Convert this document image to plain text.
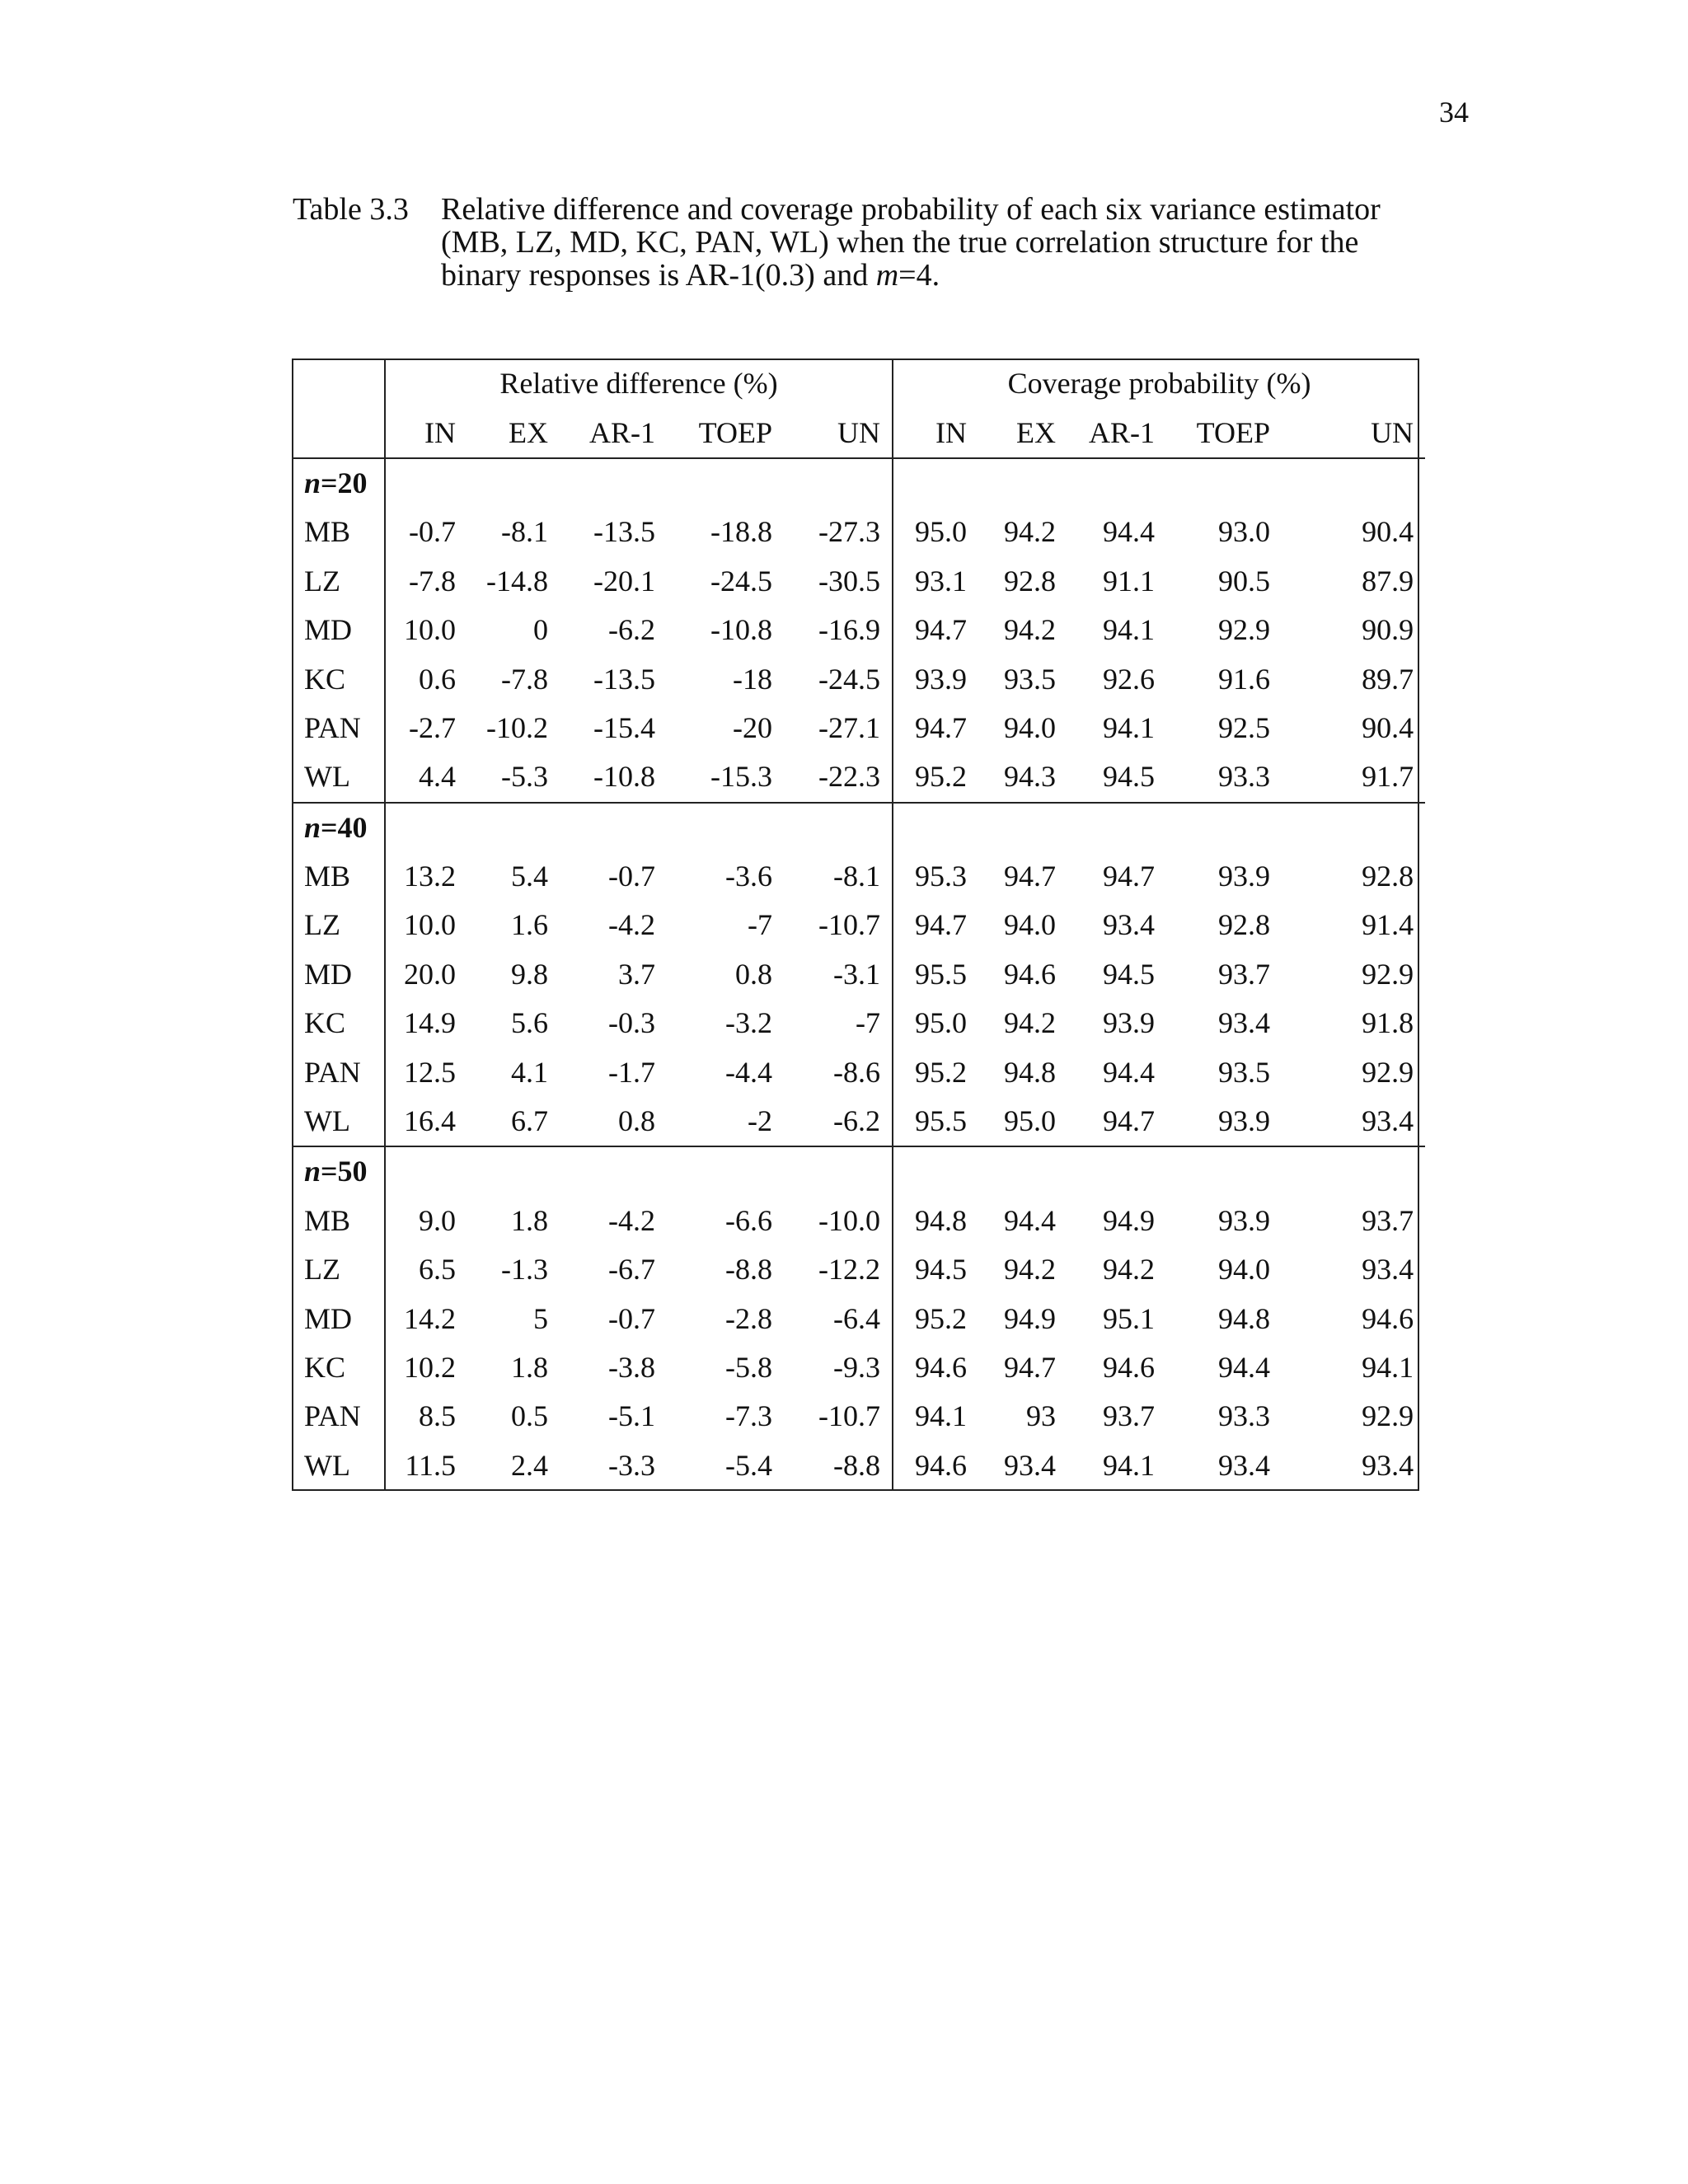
34
Table 3.3 Relative difference and coverage probability of each six variance estimator
(MB, LZ, MD, KC, PAN, WL) when the true correlation structure for the
binary responses is AR-1(0.3) and m=4.
	Relative difference (%)					Coverage probability (%)				
	IN	EX	AR-1	TOEP	UN	IN	EX	AR-1	TOEP	UN
n=20										
MB	-0.7	-8.1	-13.5	-18.8	-27.3	95.0	94.2	94.4	93.0	90.4
LZ	-7.8	-14.8	-20.1	-24.5	-30.5	93.1	92.8	91.1	90.5	87.9
MD	10.0	0	-6.2	-10.8	-16.9	94.7	94.2	94.1	92.9	90.9
KC	0.6	-7.8	-13.5	-18	-24.5	93.9	93.5	92.6	91.6	89.7
PAN	-2.7	-10.2	-15.4	-20	-27.1	94.7	94.0	94.1	92.5	90.4
WL	4.4	-5.3	-10.8	-15.3	-22.3	95.2	94.3	94.5	93.3	91.7
n=40										
MB	13.2	5.4	-0.7	-3.6	-8.1	95.3	94.7	94.7	93.9	92.8
LZ	10.0	1.6	-4.2	-7	-10.7	94.7	94.0	93.4	92.8	91.4
MD	20.0	9.8	3.7	0.8	-3.1	95.5	94.6	94.5	93.7	92.9
KC	14.9	5.6	-0.3	-3.2	-7	95.0	94.2	93.9	93.4	91.8
PAN	12.5	4.1	-1.7	-4.4	-8.6	95.2	94.8	94.4	93.5	92.9
WL	16.4	6.7	0.8	-2	-6.2	95.5	95.0	94.7	93.9	93.4
n=50										
MB	9.0	1.8	-4.2	-6.6	-10.0	94.8	94.4	94.9	93.9	93.7
LZ	6.5	-1.3	-6.7	-8.8	-12.2	94.5	94.2	94.2	94.0	93.4
MD	14.2	5	-0.7	-2.8	-6.4	95.2	94.9	95.1	94.8	94.6
KC	10.2	1.8	-3.8	-5.8	-9.3	94.6	94.7	94.6	94.4	94.1
PAN	8.5	0.5	-5.1	-7.3	-10.7	94.1	93	93.7	93.3	92.9
WL	11.5	2.4	-3.3	-5.4	-8.8	94.6	93.4	94.1	93.4	93.4
